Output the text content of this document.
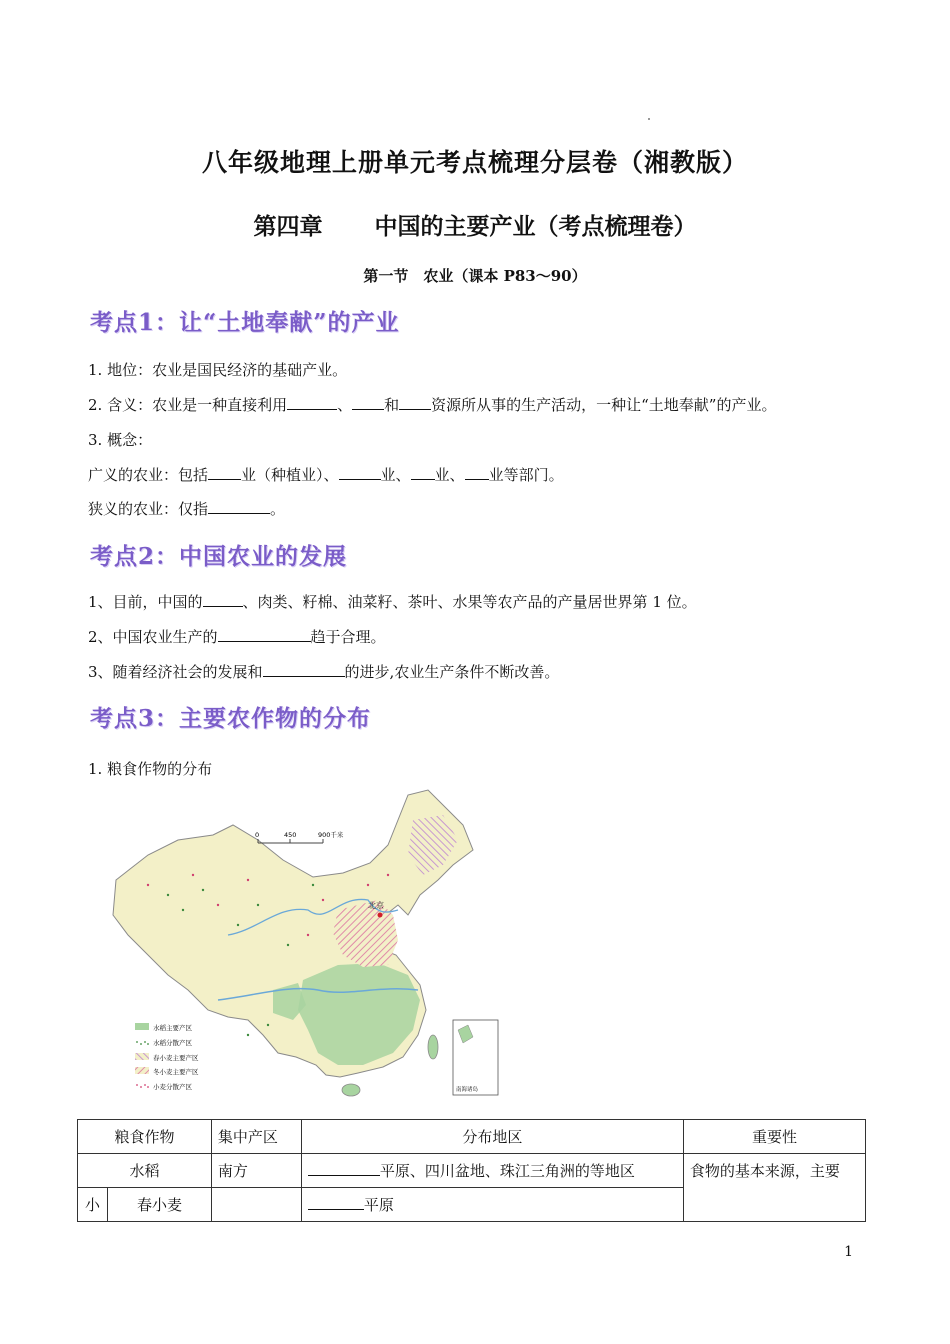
八年级地理上册单元考点梳理分层卷（湘教版）
第四章 中国的主要产业（考点梳理卷）
第一节　农业（课本 P83～90）
考点1：让“土地奉献”的产业
1. 地位：农业是国民经济的基础产业。
2. 含义：农业是一种直接利用	、 和 资源所从事的生产活动，一种让“土地奉献”的产业。
3. 概念：
广义的农业：包括 业（种植业）、	业、 业、 业等部门。
狭义的农业：仅指	。
考点2：中国农业的发展
1、目前，中国的	、肉类、籽棉、油菜籽、茶叶、水果等农产品的产量居世界第 1 位。
2、中国农业生产的	趋于合理。
3、随着经济社会的发展和	的进步,农业生产条件不断改善。
考点3：主要农作物的分布
1. 粮食作物的分布
北京
0	450	900千米
南海诸岛
水稻主要产区
水稻分散产区
春小麦主要产区
冬小麦主要产区
小麦分散产区
粮食作物		集中产区	分布地区	重要性
水稻		南方	平原、四川盆地、珠江三角洲的等地区	食物的基本来源，主要
小	春小麦		平原	
1
